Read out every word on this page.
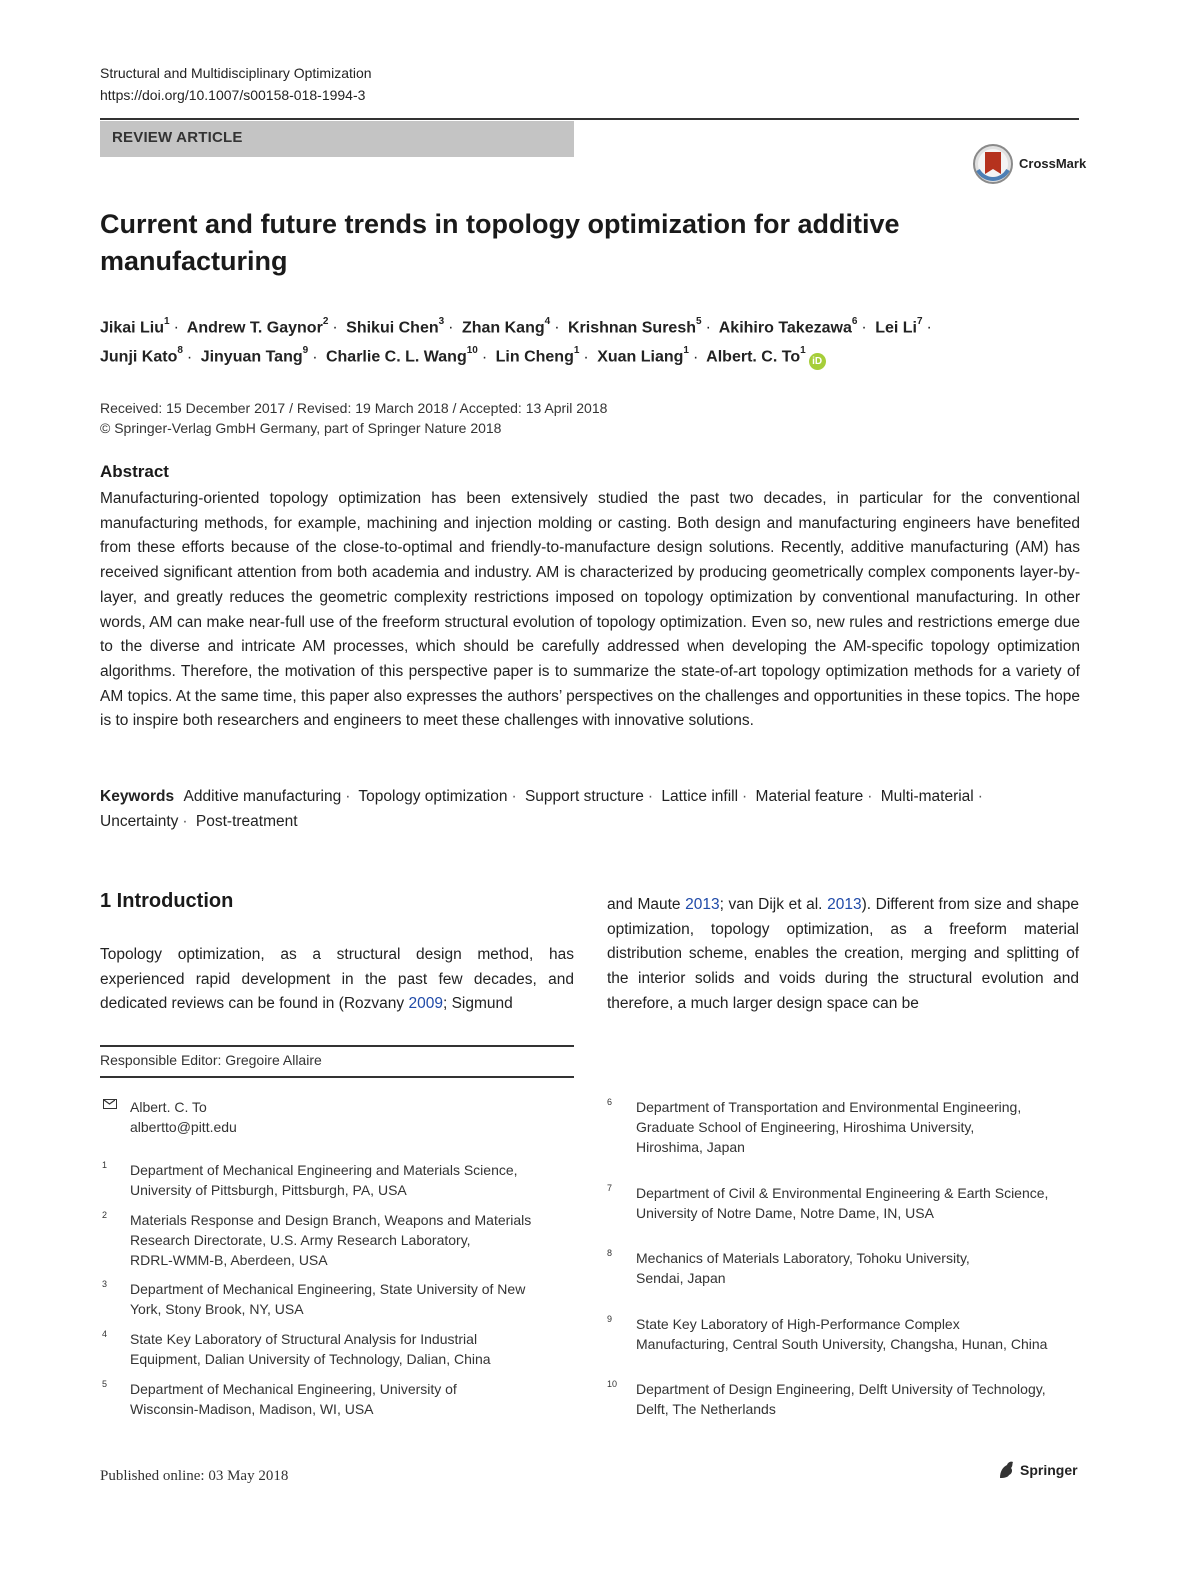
Structural and Multidisciplinary Optimization
https://doi.org/10.1007/s00158-018-1994-3
REVIEW ARTICLE
CrossMark
Current and future trends in topology optimization for additive
manufacturing
Jikai Liu$^1$ · Andrew T. Gaynor$^2$ · Shikui Chen$^3$ · Zhan Kang$^4$ · Krishnan Suresh$^5$ · Akihiro Takezawa$^6$ · Lei $Li^7$ ·
Junji Kato$^8$ · Jinyuan Tang$^9$ · Charlie C. L. Wang$^{10}$ · Lin Cheng$^1$ · Xuan Liang$^1$ · Albert. C. To$^1$iD
Received: 15 December 2017 / Revised: 19 March 2018 / Accepted: 13 April 2018
© Springer-Verlag GmbH Germany, part of Springer Nature 2018
Abstract
Manufacturing-oriented topology optimization has been extensively studied the past two decades, in particular for the conventional manufacturing methods, for example, machining and injection molding or casting. Both design and manufacturing engineers have benefited from these efforts because of the close-to-optimal and friendly-to-manufacture design solutions. Recently, additive manufacturing (AM) has received significant attention from both academia and industry. AM is characterized by producing geometrically complex components layer-by-layer, and greatly reduces the geometric complexity restrictions imposed on topology optimization by conventional manufacturing. In other words, AM can make near-full use of the freeform structural evolution of topology optimization. Even so, new rules and restrictions emerge due to the diverse and intricate AM processes, which should be carefully addressed when developing the AM-specific topology optimization algorithms. Therefore, the motivation of this perspective paper is to summarize the state-of-art topology optimization methods for a variety of AM topics. At the same time, this paper also expresses the authors’ perspectives on the challenges and opportunities in these topics. The hope is to inspire both researchers and engineers to meet these challenges with innovative solutions.
Keywords Additive manufacturing · Topology optimization · Support structure · Lattice infill · Material feature · Multi-material · Uncertainty · Post-treatment
1 Introduction
Topology optimization, as a structural design method, has experienced rapid development in the past few decades, and dedicated reviews can be found in (Rozvany 2009; Sigmund
and Maute 2013; van Dijk et al. 2013). Different from size and shape optimization, topology optimization, as a freeform material distribution scheme, enables the creation, merging and splitting of the interior solids and voids during the structural evolution and therefore, a much larger design space can be
Responsible Editor: Gregoire Allaire
Albert. C. To
albertto@pitt.edu
1 Department of Mechanical Engineering and Materials Science,
University of Pittsburgh, Pittsburgh, PA, USA
2 Materials Response and Design Branch, Weapons and Materials
Research Directorate, U.S. Army Research Laboratory,
RDRL-WMM-B, Aberdeen, USA
3 Department of Mechanical Engineering, State University of New
York, Stony Brook, NY, USA
4 State Key Laboratory of Structural Analysis for Industrial
Equipment, Dalian University of Technology, Dalian, China
5 Department of Mechanical Engineering, University of
Wisconsin-Madison, Madison, WI, USA
6 Department of Transportation and Environmental Engineering,
Graduate School of Engineering, Hiroshima University,
Hiroshima, Japan
7 Department of Civil & Environmental Engineering & Earth Science,
University of Notre Dame, Notre Dame, IN, USA
8 Mechanics of Materials Laboratory, Tohoku University,
Sendai, Japan
9 State Key Laboratory of High-Performance Complex
Manufacturing, Central South University, Changsha, Hunan, China
10 Department of Design Engineering, Delft University of Technology,
Delft, The Netherlands
Published online: 03 May 2018	Springer
